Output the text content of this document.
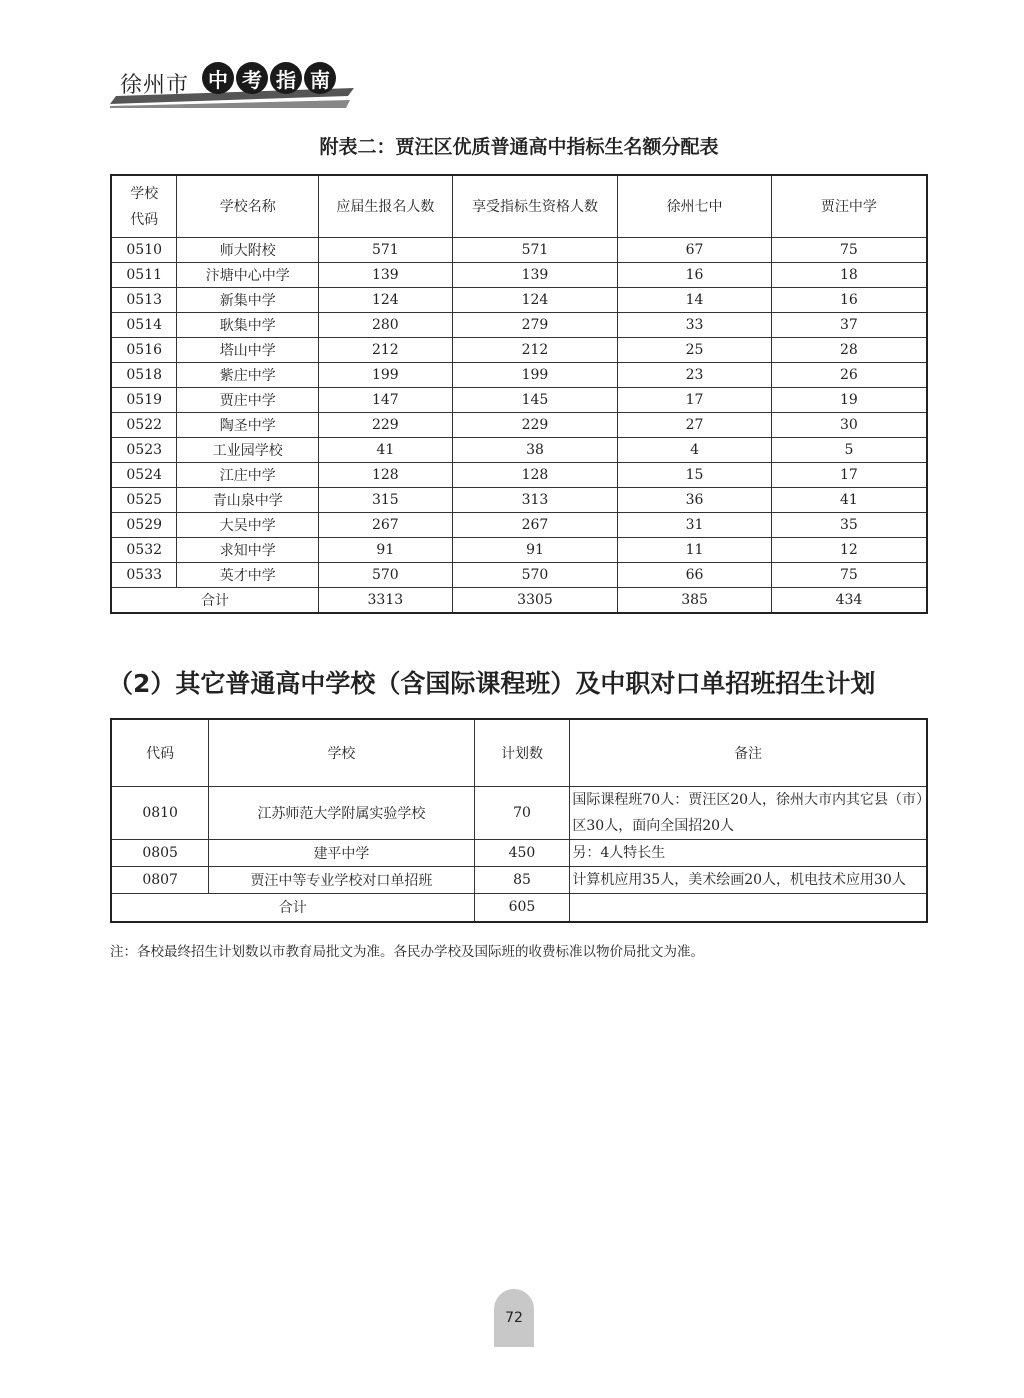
徐州市 中 考 指 南
附表二：贾汪区优质普通高中指标生名额分配表
学校代码	学校名称	应届生报名人数	享受指标生资格人数	徐州七中	贾汪中学
0510	师大附校	571	571	67	75
0511	汴塘中心中学	139	139	16	18
0513	新集中学	124	124	14	16
0514	耿集中学	280	279	33	37
0516	塔山中学	212	212	25	28
0518	紫庄中学	199	199	23	26
0519	贾庄中学	147	145	17	19
0522	陶圣中学	229	229	27	30
0523	工业园学校	41	38	4	5
0524	江庄中学	128	128	15	17
0525	青山泉中学	315	313	36	41
0529	大吴中学	267	267	31	35
0532	求知中学	91	91	11	12
0533	英才中学	570	570	66	75
合计		3313	3305	385	434
（2）其它普通高中学校（含国际课程班）及中职对口单招班招生计划
代码	学校	计划数	备注
0810	江苏师范大学附属实验学校	70	国际课程班70人：贾汪区20人，徐州大市内其它县（市）区30人，面向全国招20人
0805	建平中学	450	另：4人特长生
0807	贾汪中等专业学校对口单招班	85	计算机应用35人，美术绘画20人，机电技术应用30人
合计		605	
注：各校最终招生计划数以市教育局批文为准。各民办学校及国际班的收费标准以物价局批文为准。
72
